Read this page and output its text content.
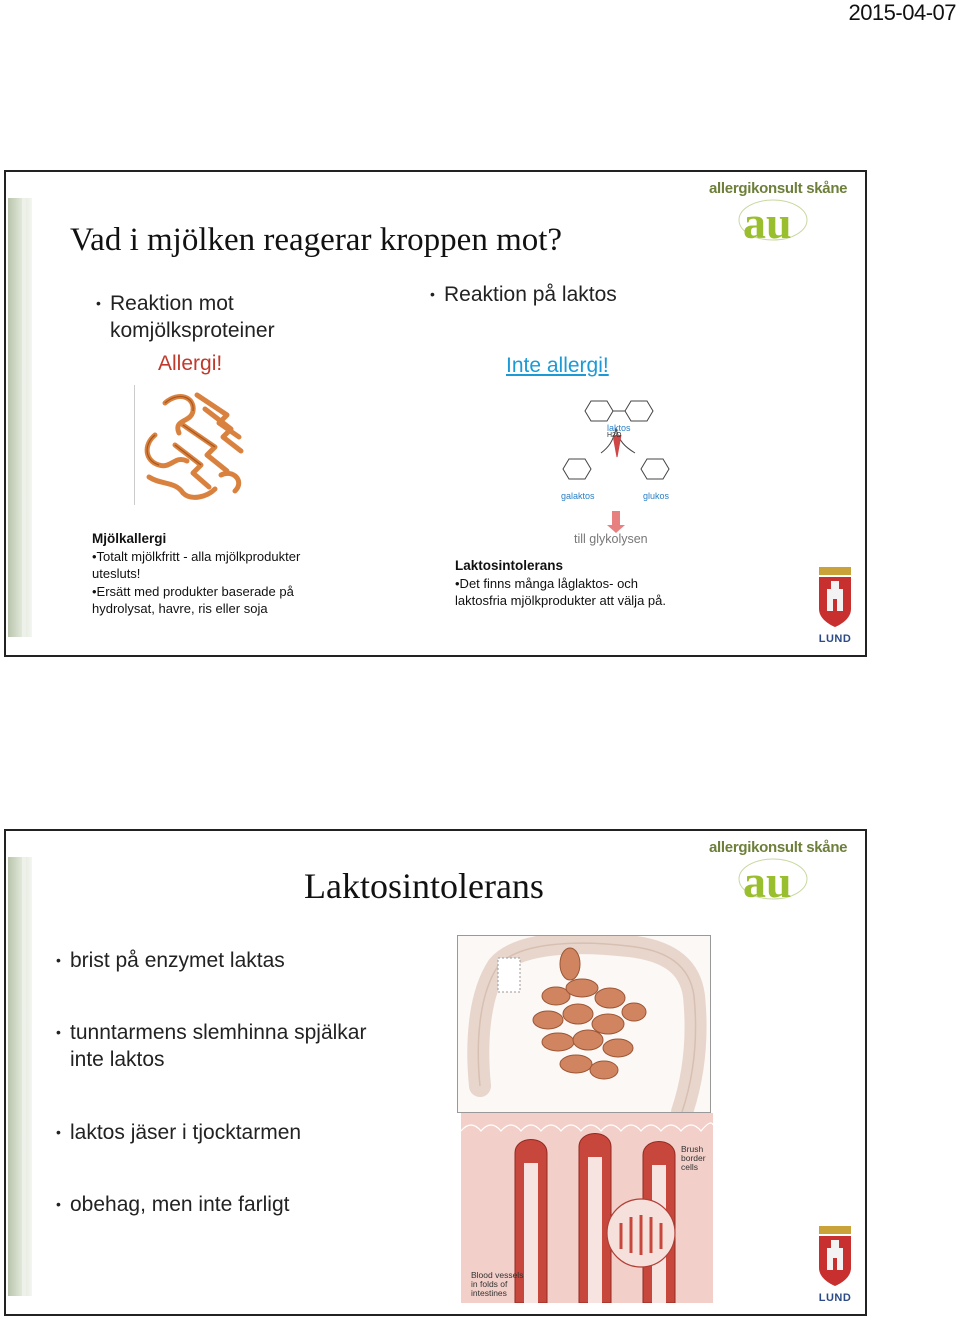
2015-04-07
allergikonsult skåne
au
Vad i mjölken reagerar kroppen mot?
• Reaktion mot
komjölksproteiner
Allergi!
Mjölkallergi
•Totalt mjölkfritt - alla mjölkprodukter
utesluts!
•Ersätt med produkter baserade på
hydrolysat, havre, ris eller soja
• Reaktion på laktos
Inte allergi!
H2O
laktos
galaktos	glukos
till glykolysen
Laktosintolerans
•Det finns många låglaktos- och
laktosfria mjölkprodukter att välja på.
LUND
allergikonsult skåne
au
Laktosintolerans
• brist på enzymet laktas
• tunntarmens slemhinna spjälkar
inte laktos
• laktos jäser i tjocktarmen
• obehag, men inte farligt
Brush
border
cells
Blood vessels
in folds of
intestines	LUND
